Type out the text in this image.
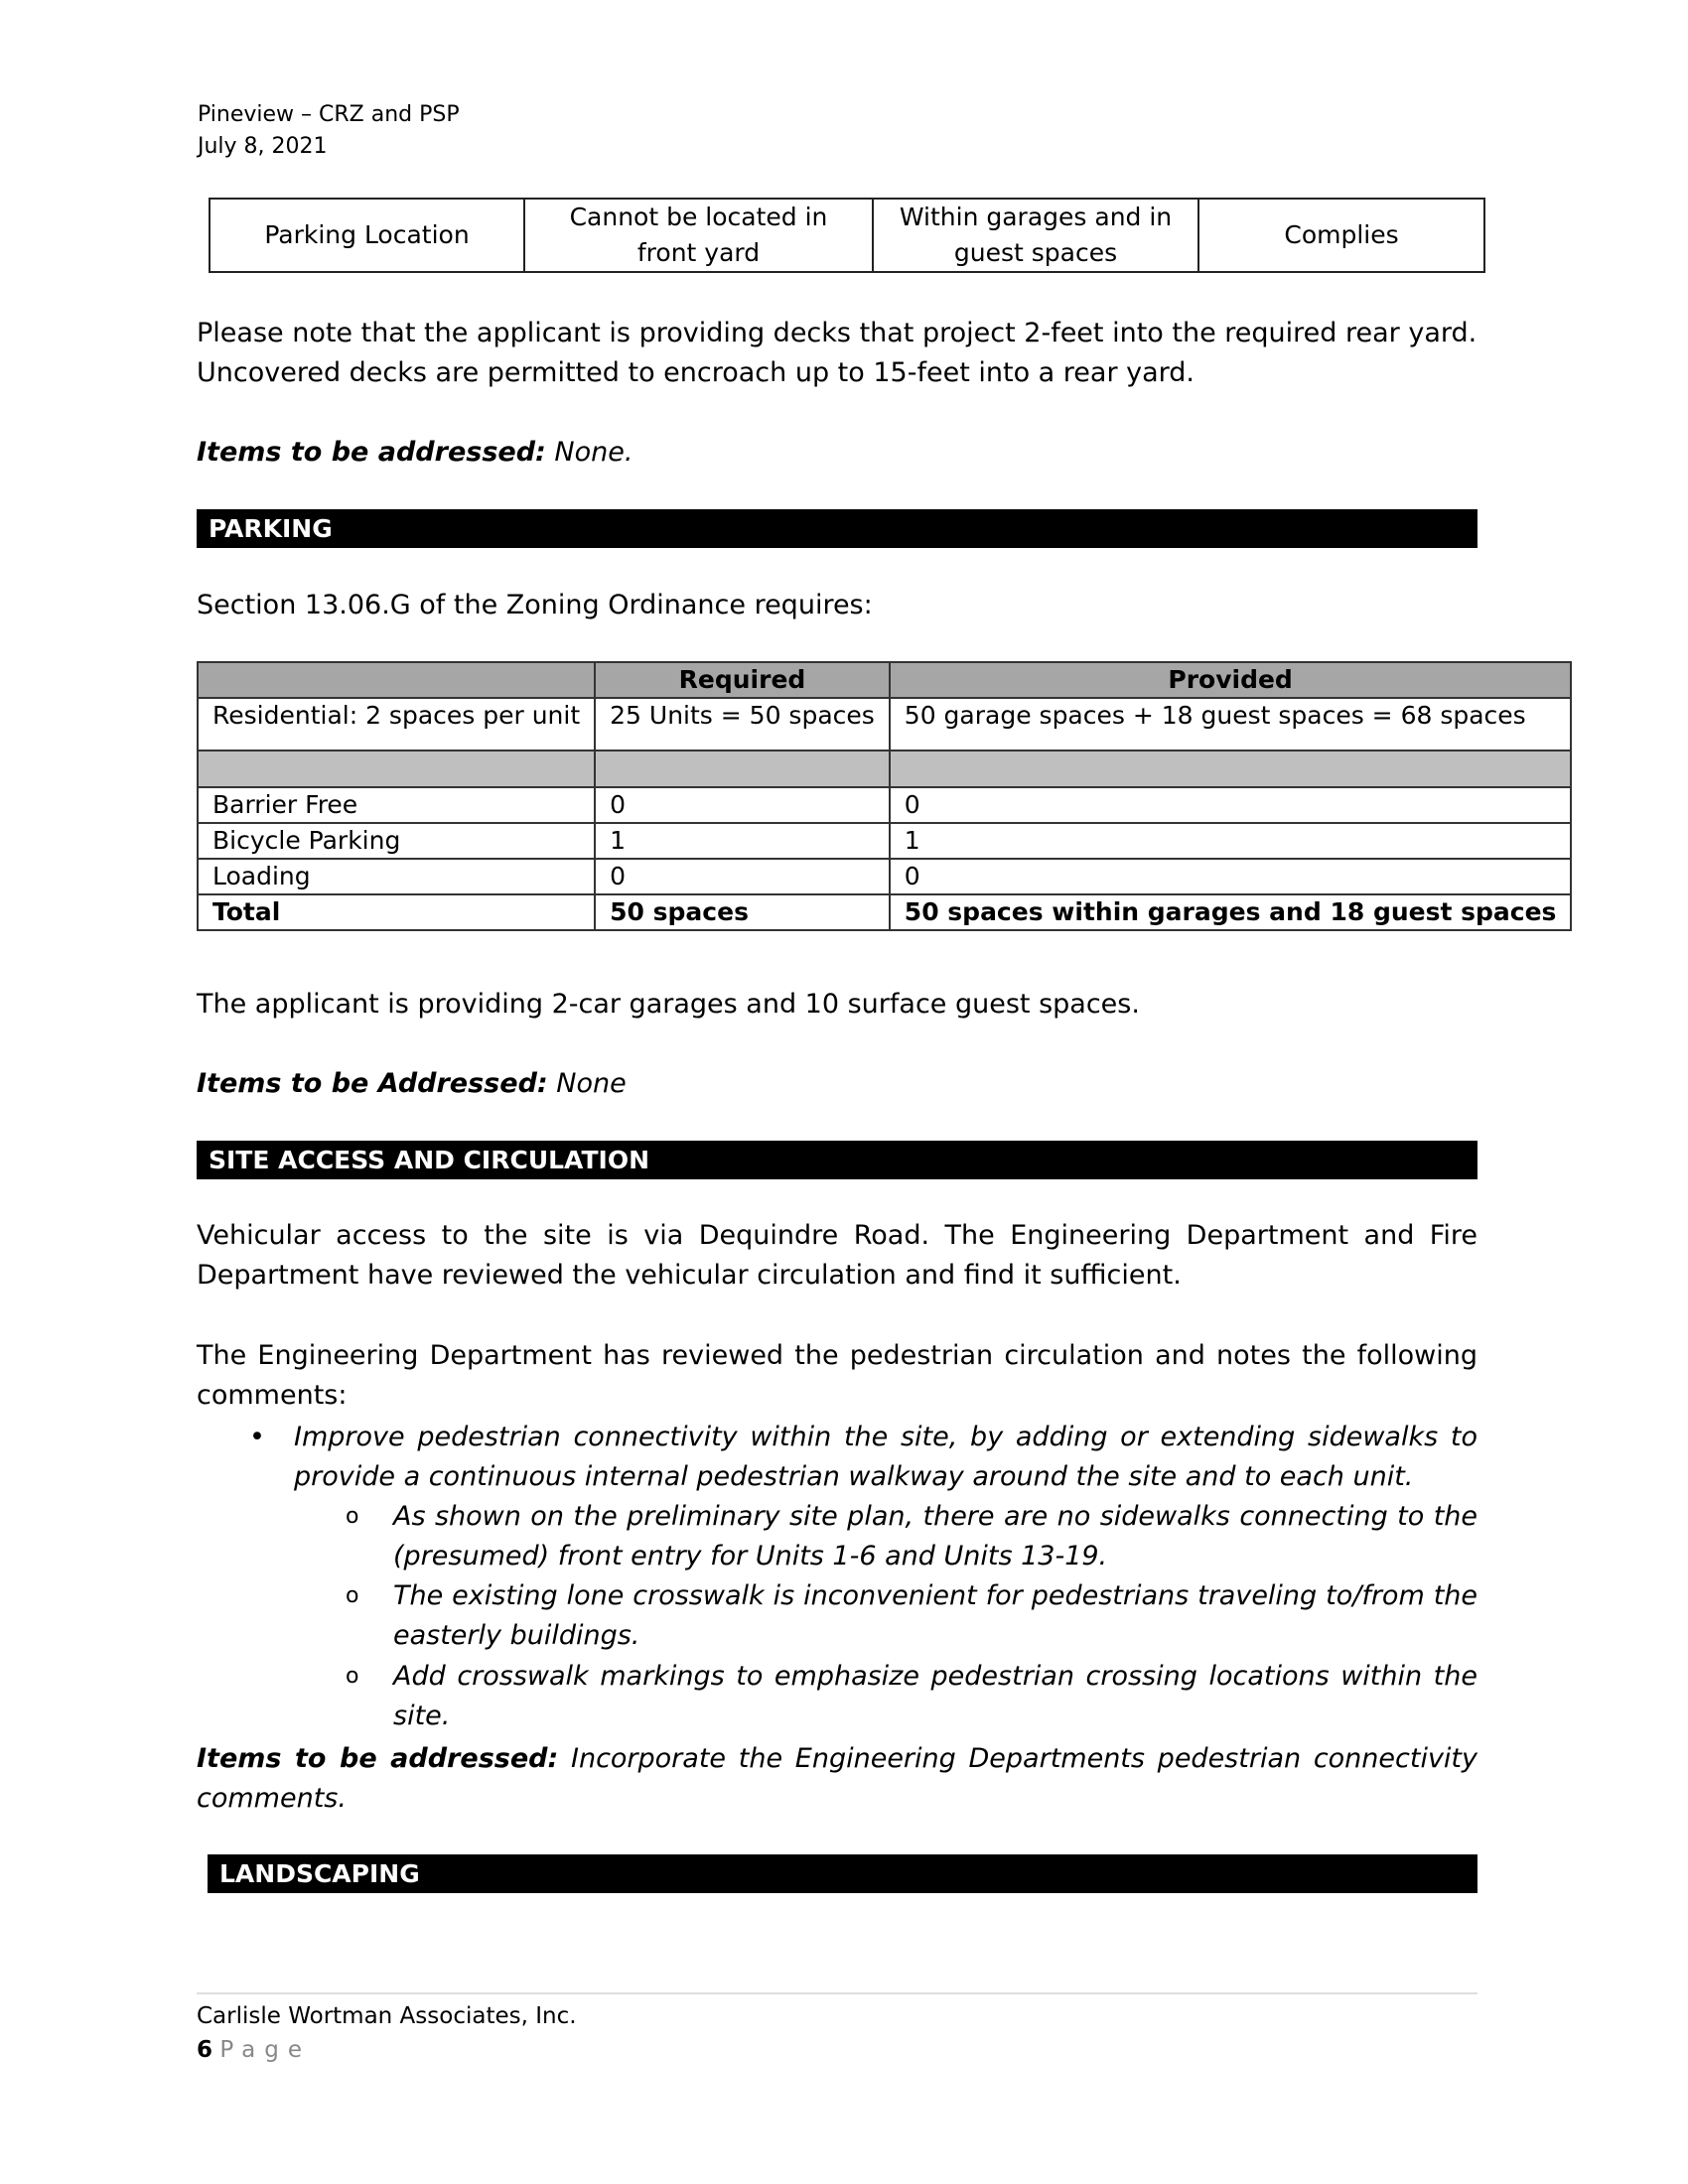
Pineview – CRZ and PSP
July 8, 2021
Parking Location	Cannot be located in front yard	Within garages and in guest spaces	Complies
Please note that the applicant is providing decks that project 2-feet into the required rear yard. Uncovered decks are permitted to encroach up to 15-feet into a rear yard.
Items to be addressed: None.
PARKING
Section 13.06.G of the Zoning Ordinance requires:
	Required	Provided
Residential: 2 spaces per unit	25 Units = 50 spaces	50 garage spaces + 18 guest spaces = 68 spaces

Barrier Free	0	0
Bicycle Parking	1	1
Loading	0	0
Total	50 spaces	50 spaces within garages and 18 guest spaces
The applicant is providing 2-car garages and 10 surface guest spaces.
Items to be Addressed: None
SITE ACCESS AND CIRCULATION
Vehicular access to the site is via Dequindre Road. The Engineering Department and Fire Department have reviewed the vehicular circulation and find it sufficient.
The Engineering Department has reviewed the pedestrian circulation and notes the following comments:
• Improve pedestrian connectivity within the site, by adding or extending sidewalks to provide a continuous internal pedestrian walkway around the site and to each unit.
o As shown on the preliminary site plan, there are no sidewalks connecting to the (presumed) front entry for Units 1-6 and Units 13-19.
o The existing lone crosswalk is inconvenient for pedestrians traveling to/from the easterly buildings.
o Add crosswalk markings to emphasize pedestrian crossing locations within the site.
Items to be addressed: Incorporate the Engineering Departments pedestrian connectivity comments.
LANDSCAPING
Carlisle Wortman Associates, Inc.
6 Page
